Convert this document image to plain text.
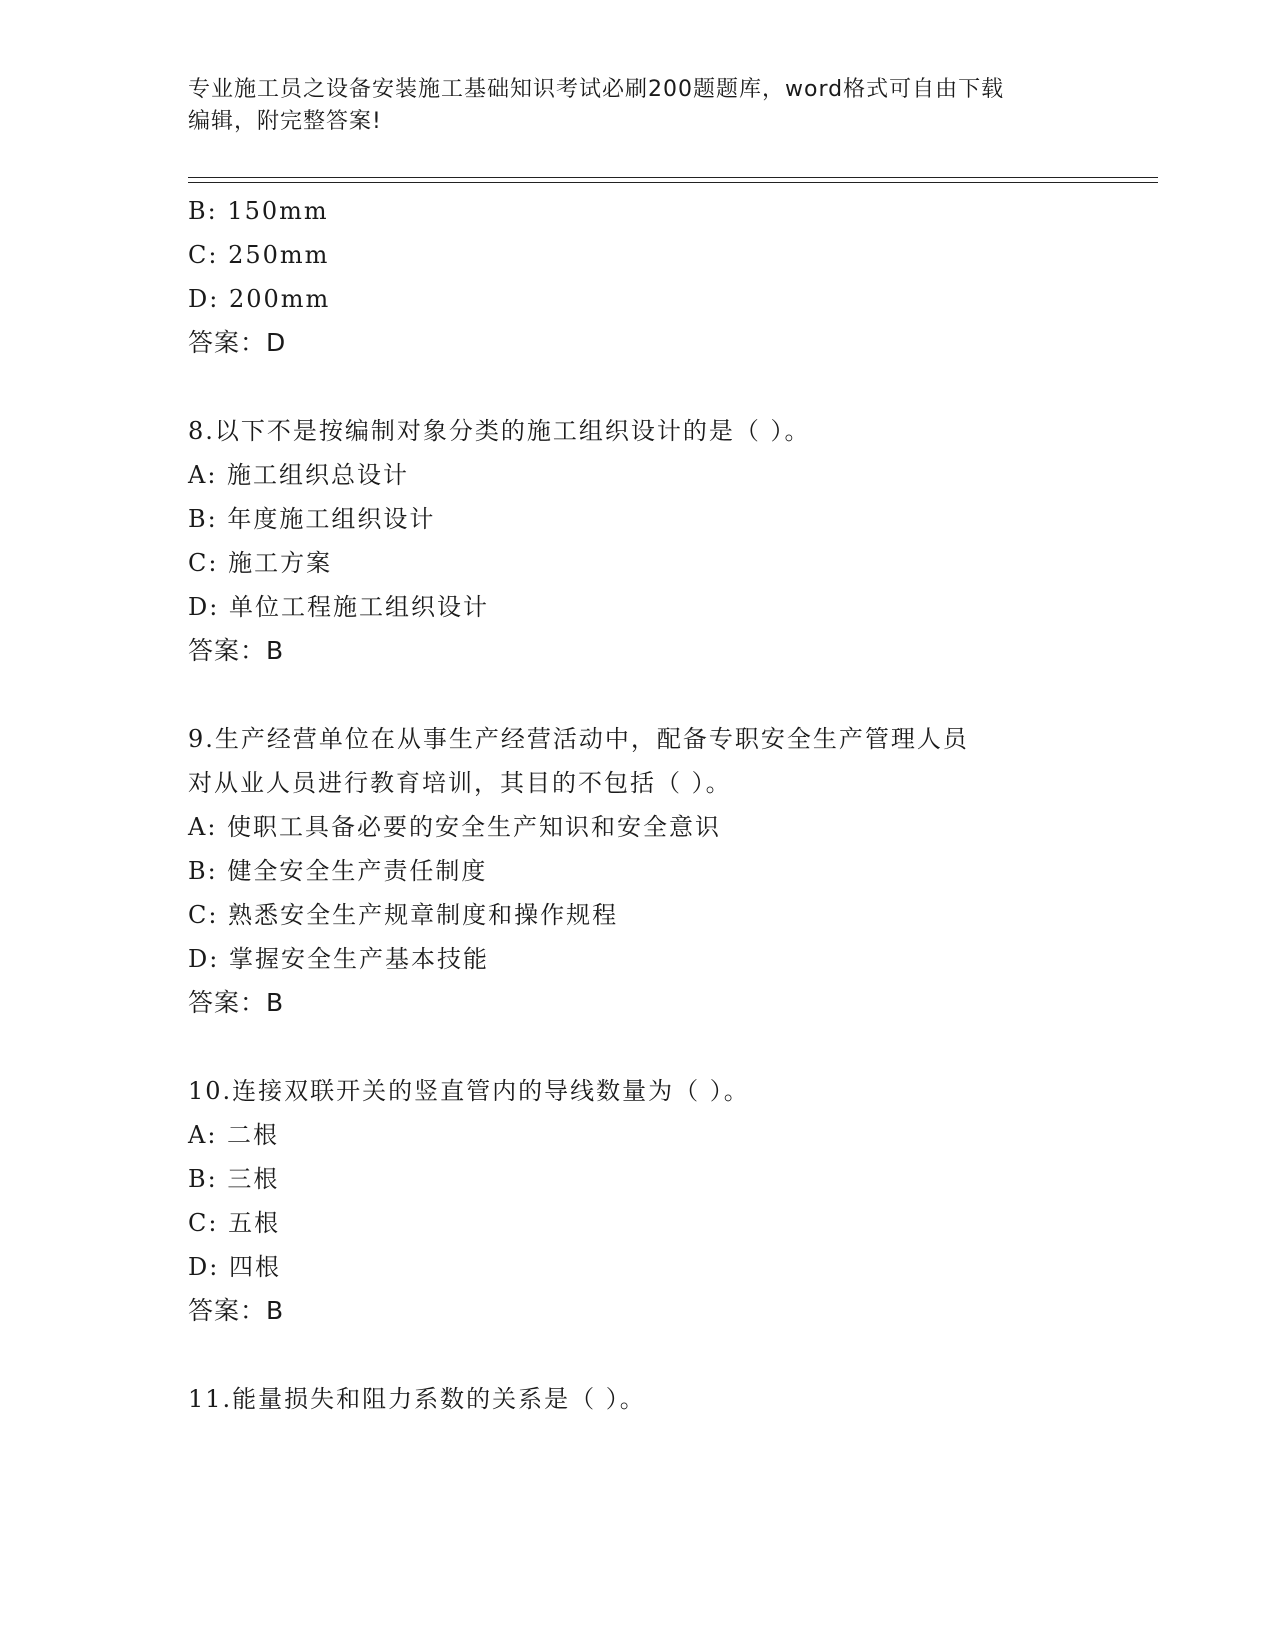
专业施工员之设备安装施工基础知识考试必刷200题题库，word格式可自由下载
编辑，附完整答案!
B: 150mm
C: 250mm
D: 200mm
答案：D
8.以下不是按编制对象分类的施工组织设计的是（ ）。
A: 施工组织总设计
B: 年度施工组织设计
C: 施工方案
D: 单位工程施工组织设计
答案：B
9.生产经营单位在从事生产经营活动中，配备专职安全生产管理人员
对从业人员进行教育培训，其目的不包括（ ）。
A: 使职工具备必要的安全生产知识和安全意识
B: 健全安全生产责任制度
C: 熟悉安全生产规章制度和操作规程
D: 掌握安全生产基本技能
答案：B
10.连接双联开关的竖直管内的导线数量为（ ）。
A: 二根
B: 三根
C: 五根
D: 四根
答案：B
11.能量损失和阻力系数的关系是（ ）。
